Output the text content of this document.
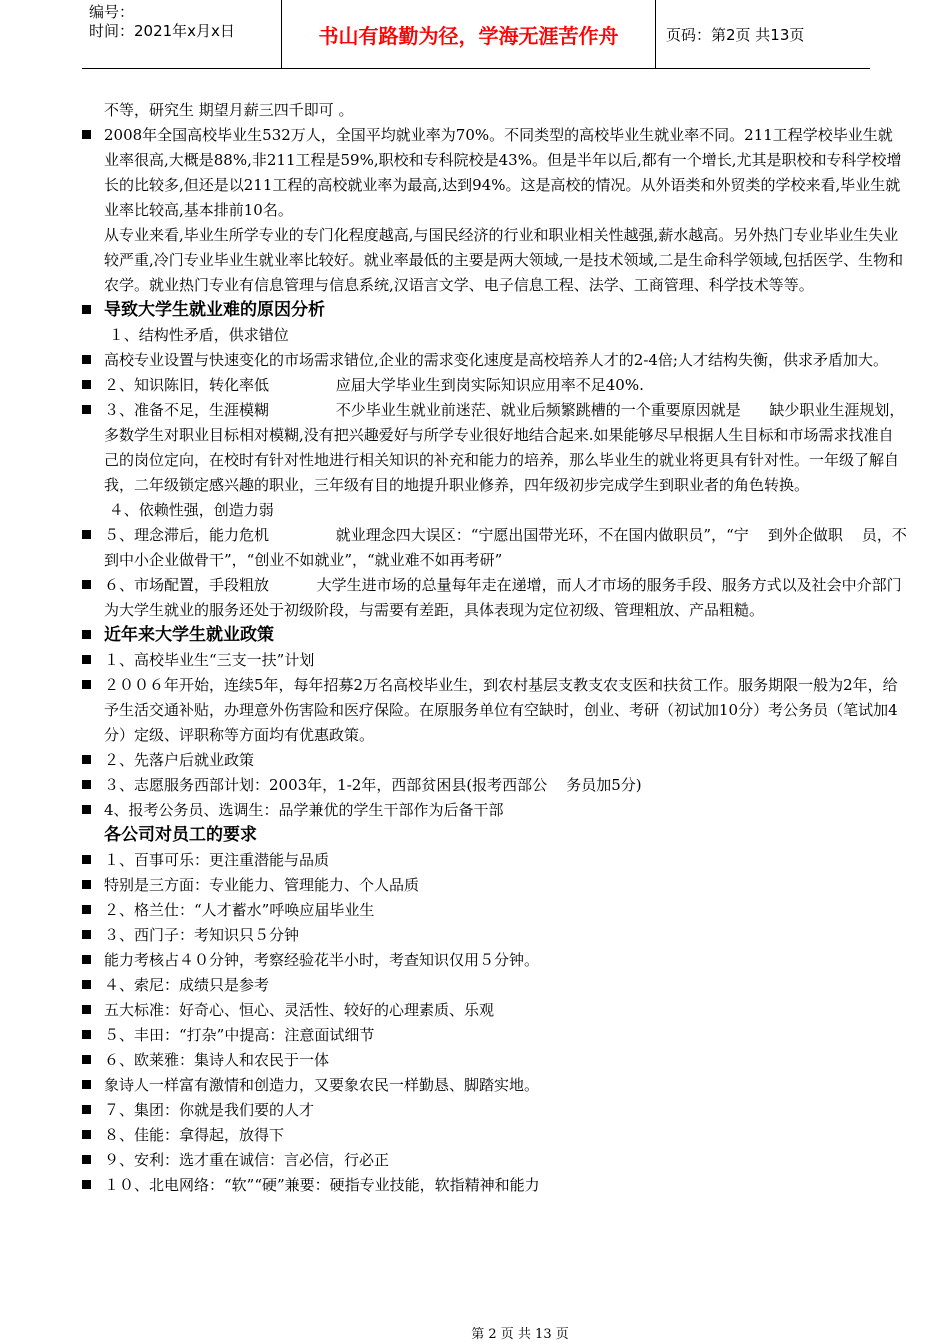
编号：
时间：2021年x月x日	书山有路勤为径，学海无涯苦作舟	页码：第2页 共13页
不等，研究生 期望月薪三四千即可 。
2008年全国高校毕业生532万人，全国平均就业率为70%。不同类型的高校毕业生就业率不同。211工程学校毕业生就业率很高,大概是88%,非211工程是59%,职校和专科院校是43%。但是半年以后,都有一个增长,尤其是职校和专科学校增长的比较多,但还是以211工程的高校就业率为最高,达到94%。这是高校的情况。从外语类和外贸类的学校来看,毕业生就业率比较高,基本排前10名。
从专业来看,毕业生所学专业的专门化程度越高,与国民经济的行业和职业相关性越强,薪水越高。另外热门专业毕业生失业较严重,冷门专业毕业生就业率比较好。就业率最低的主要是两大领域,一是技术领域,二是生命科学领域,包括医学、生物和农学。就业热门专业有信息管理与信息系统,汉语言文学、电子信息工程、法学、工商管理、科学技术等等。
导致大学生就业难的原因分析
１、结构性矛盾，供求错位
高校专业设置与快速变化的市场需求错位,企业的需求变化速度是高校培养人才的2-4倍;人才结构失衡，供求矛盾加大。
２、知识陈旧，转化率低              应届大学毕业生到岗实际知识应用率不足40%.
３、准备不足，生涯模糊              不少毕业生就业前迷茫、就业后频繁跳槽的一个重要原因就是      缺少职业生涯规划，多数学生对职业目标相对模糊,没有把兴趣爱好与所学专业很好地结合起来.如果能够尽早根据人生目标和市场需求找准自己的岗位定向，在校时有针对性地进行相关知识的补充和能力的培养，那么毕业生的就业将更具有针对性。一年级了解自我，二年级锁定感兴趣的职业，三年级有目的地提升职业修养，四年级初步完成学生到职业者的角色转换。
４、依赖性强，创造力弱
５、理念滞后，能力危机              就业理念四大误区：“宁愿出国带光环，不在国内做职员”，“宁    到外企做职    员，不到中小企业做骨干”，“创业不如就业”，“就业难不如再考研”
６、市场配置，手段粗放          大学生进市场的总量每年走在递增，而人才市场的服务手段、服务方式以及社会中介部门为大学生就业的服务还处于初级阶段，与需要有差距，具体表现为定位初级、管理粗放、产品粗糙。
近年来大学生就业政策
１、高校毕业生“三支一扶”计划
２００６年开始，连续5年，每年招募2万名高校毕业生，到农村基层支教支农支医和扶贫工作。服务期限一般为2年，给予生活交通补贴，办理意外伤害险和医疗保险。在原服务单位有空缺时，创业、考研（初试加10分）考公务员（笔试加4分）定级、评职称等方面均有优惠政策。
２、先落户后就业政策
３、志愿服务西部计划：2003年，1-2年，西部贫困县(报考西部公    务员加5分)
4、报考公务员、选调生：品学兼优的学生干部作为后备干部
各公司对员工的要求
１、百事可乐：更注重潜能与品质
特别是三方面：专业能力、管理能力、个人品质
２、格兰仕：“人才蓄水”呼唤应届毕业生
３、西门子：考知识只５分钟
能力考核占４０分钟，考察经验花半小时，考查知识仅用５分钟。
４、索尼：成绩只是参考
五大标准：好奇心、恒心、灵活性、较好的心理素质、乐观
５、丰田：“打杂”中提高：注意面试细节
６、欧莱雅：集诗人和农民于一体
象诗人一样富有激情和创造力，又要象农民一样勤恳、脚踏实地。
７、集团：你就是我们要的人才
８、佳能：拿得起，放得下
９、安利：选才重在诚信：言必信，行必正
１０、北电网络：“软”“硬”兼要：硬指专业技能，软指精神和能力
第 2 页 共 13 页
